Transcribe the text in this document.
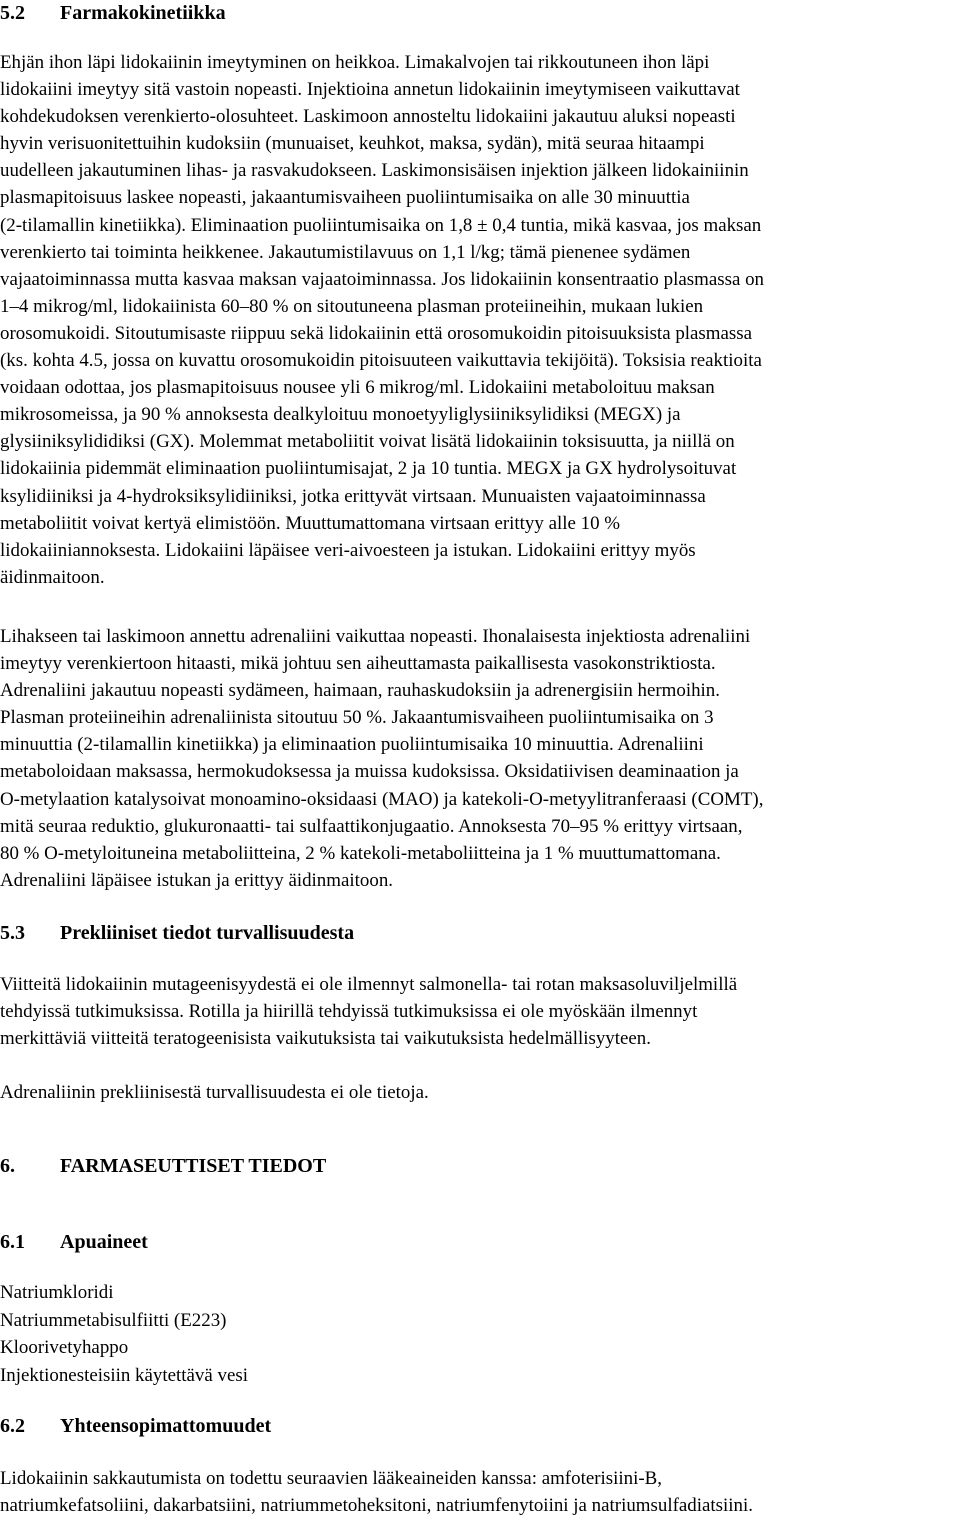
5.2 Farmakokinetiikka
Ehjän ihon läpi lidokaiinin imeytyminen on heikkoa. Limakalvojen tai rikkoutuneen ihon läpi
lidokaiini imeytyy sitä vastoin nopeasti. Injektioina annetun lidokaiinin imeytymiseen vaikuttavat
kohdekudoksen verenkierto-olosuhteet. Laskimoon annosteltu lidokaiini jakautuu aluksi nopeasti
hyvin verisuonitettuihin kudoksiin (munuaiset, keuhkot, maksa, sydän), mitä seuraa hitaampi
uudelleen jakautuminen lihas- ja rasvakudokseen. Laskimonsisäisen injektion jälkeen lidokainiinin
plasmapitoisuus laskee nopeasti, jakaantumisvaiheen puoliintumisaika on alle 30 minuuttia
(2-tilamallin kinetiikka). Eliminaation puoliintumisaika on 1,8 ± 0,4 tuntia, mikä kasvaa, jos maksan
verenkierto tai toiminta heikkenee. Jakautumistilavuus on 1,1 l/kg; tämä pienenee sydämen
vajaatoiminnassa mutta kasvaa maksan vajaatoiminnassa. Jos lidokaiinin konsentraatio plasmassa on
1–4 mikrog/ml, lidokaiinista 60–80 % on sitoutuneena plasman proteiineihin, mukaan lukien
orosomukoidi. Sitoutumisaste riippuu sekä lidokaiinin että orosomukoidin pitoisuuksista plasmassa
(ks. kohta 4.5, jossa on kuvattu orosomukoidin pitoisuuteen vaikuttavia tekijöitä). Toksisia reaktioita
voidaan odottaa, jos plasmapitoisuus nousee yli 6 mikrog/ml. Lidokaiini metaboloituu maksan
mikrosomeissa, ja 90 % annoksesta dealkyloituu monoetyyliglysiiniksylidiksi (MEGX) ja
glysiiniksylididiksi (GX). Molemmat metaboliitit voivat lisätä lidokaiinin toksisuutta, ja niillä on
lidokaiinia pidemmät eliminaation puoliintumisajat, 2 ja 10 tuntia. MEGX ja GX hydrolysoituvat
ksylidiiniksi ja 4-hydroksiksylidiiniksi, jotka erittyvät virtsaan. Munuaisten vajaatoiminnassa
metaboliitit voivat kertyä elimistöön. Muuttumattomana virtsaan erittyy alle 10 %
lidokaiiniannoksesta. Lidokaiini läpäisee veri-aivoesteen ja istukan. Lidokaiini erittyy myös
äidinmaitoon.
Lihakseen tai laskimoon annettu adrenaliini vaikuttaa nopeasti. Ihonalaisesta injektiosta adrenaliini
imeytyy verenkiertoon hitaasti, mikä johtuu sen aiheuttamasta paikallisesta vasokonstriktiosta.
Adrenaliini jakautuu nopeasti sydämeen, haimaan, rauhaskudoksiin ja adrenergisiin hermoihin.
Plasman proteiineihin adrenaliinista sitoutuu 50 %. Jakaantumisvaiheen puoliintumisaika on 3
minuuttia (2-tilamallin kinetiikka) ja eliminaation puoliintumisaika 10 minuuttia. Adrenaliini
metaboloidaan maksassa, hermokudoksessa ja muissa kudoksissa. Oksidatiivisen deaminaation ja
O-metylaation katalysoivat monoamino-oksidaasi (MAO) ja katekoli-O-metyylitranferaasi (COMT),
mitä seuraa reduktio, glukuronaatti- tai sulfaattikonjugaatio. Annoksesta 70–95 % erittyy virtsaan,
80 % O-metyloituneina metaboliitteina, 2 % katekoli-metaboliitteina ja 1 % muuttumattomana.
Adrenaliini läpäisee istukan ja erittyy äidinmaitoon.
5.3 Prekliiniset tiedot turvallisuudesta
Viitteitä lidokaiinin mutageenisyydestä ei ole ilmennyt salmonella- tai rotan maksasoluviljelmillä
tehdyissä tutkimuksissa. Rotilla ja hiirillä tehdyissä tutkimuksissa ei ole myöskään ilmennyt
merkittäviä viitteitä teratogeenisista vaikutuksista tai vaikutuksista hedelmällisyyteen.
Adrenaliinin prekliinisestä turvallisuudesta ei ole tietoja.
6. FARMASEUTTISET TIEDOT
6.1 Apuaineet
Natriumkloridi
Natriummetabisulfiitti (E223)
Kloorivetyhappo
Injektionesteisiin käytettävä vesi
6.2 Yhteensopimattomuudet
Lidokaiinin sakkautumista on todettu seuraavien lääkeaineiden kanssa: amfoterisiini-B,
natriumkefatsoliini, dakarbatsiini, natriummetoheksitoni, natriumfenytoiini ja natriumsulfadiatsiini.
